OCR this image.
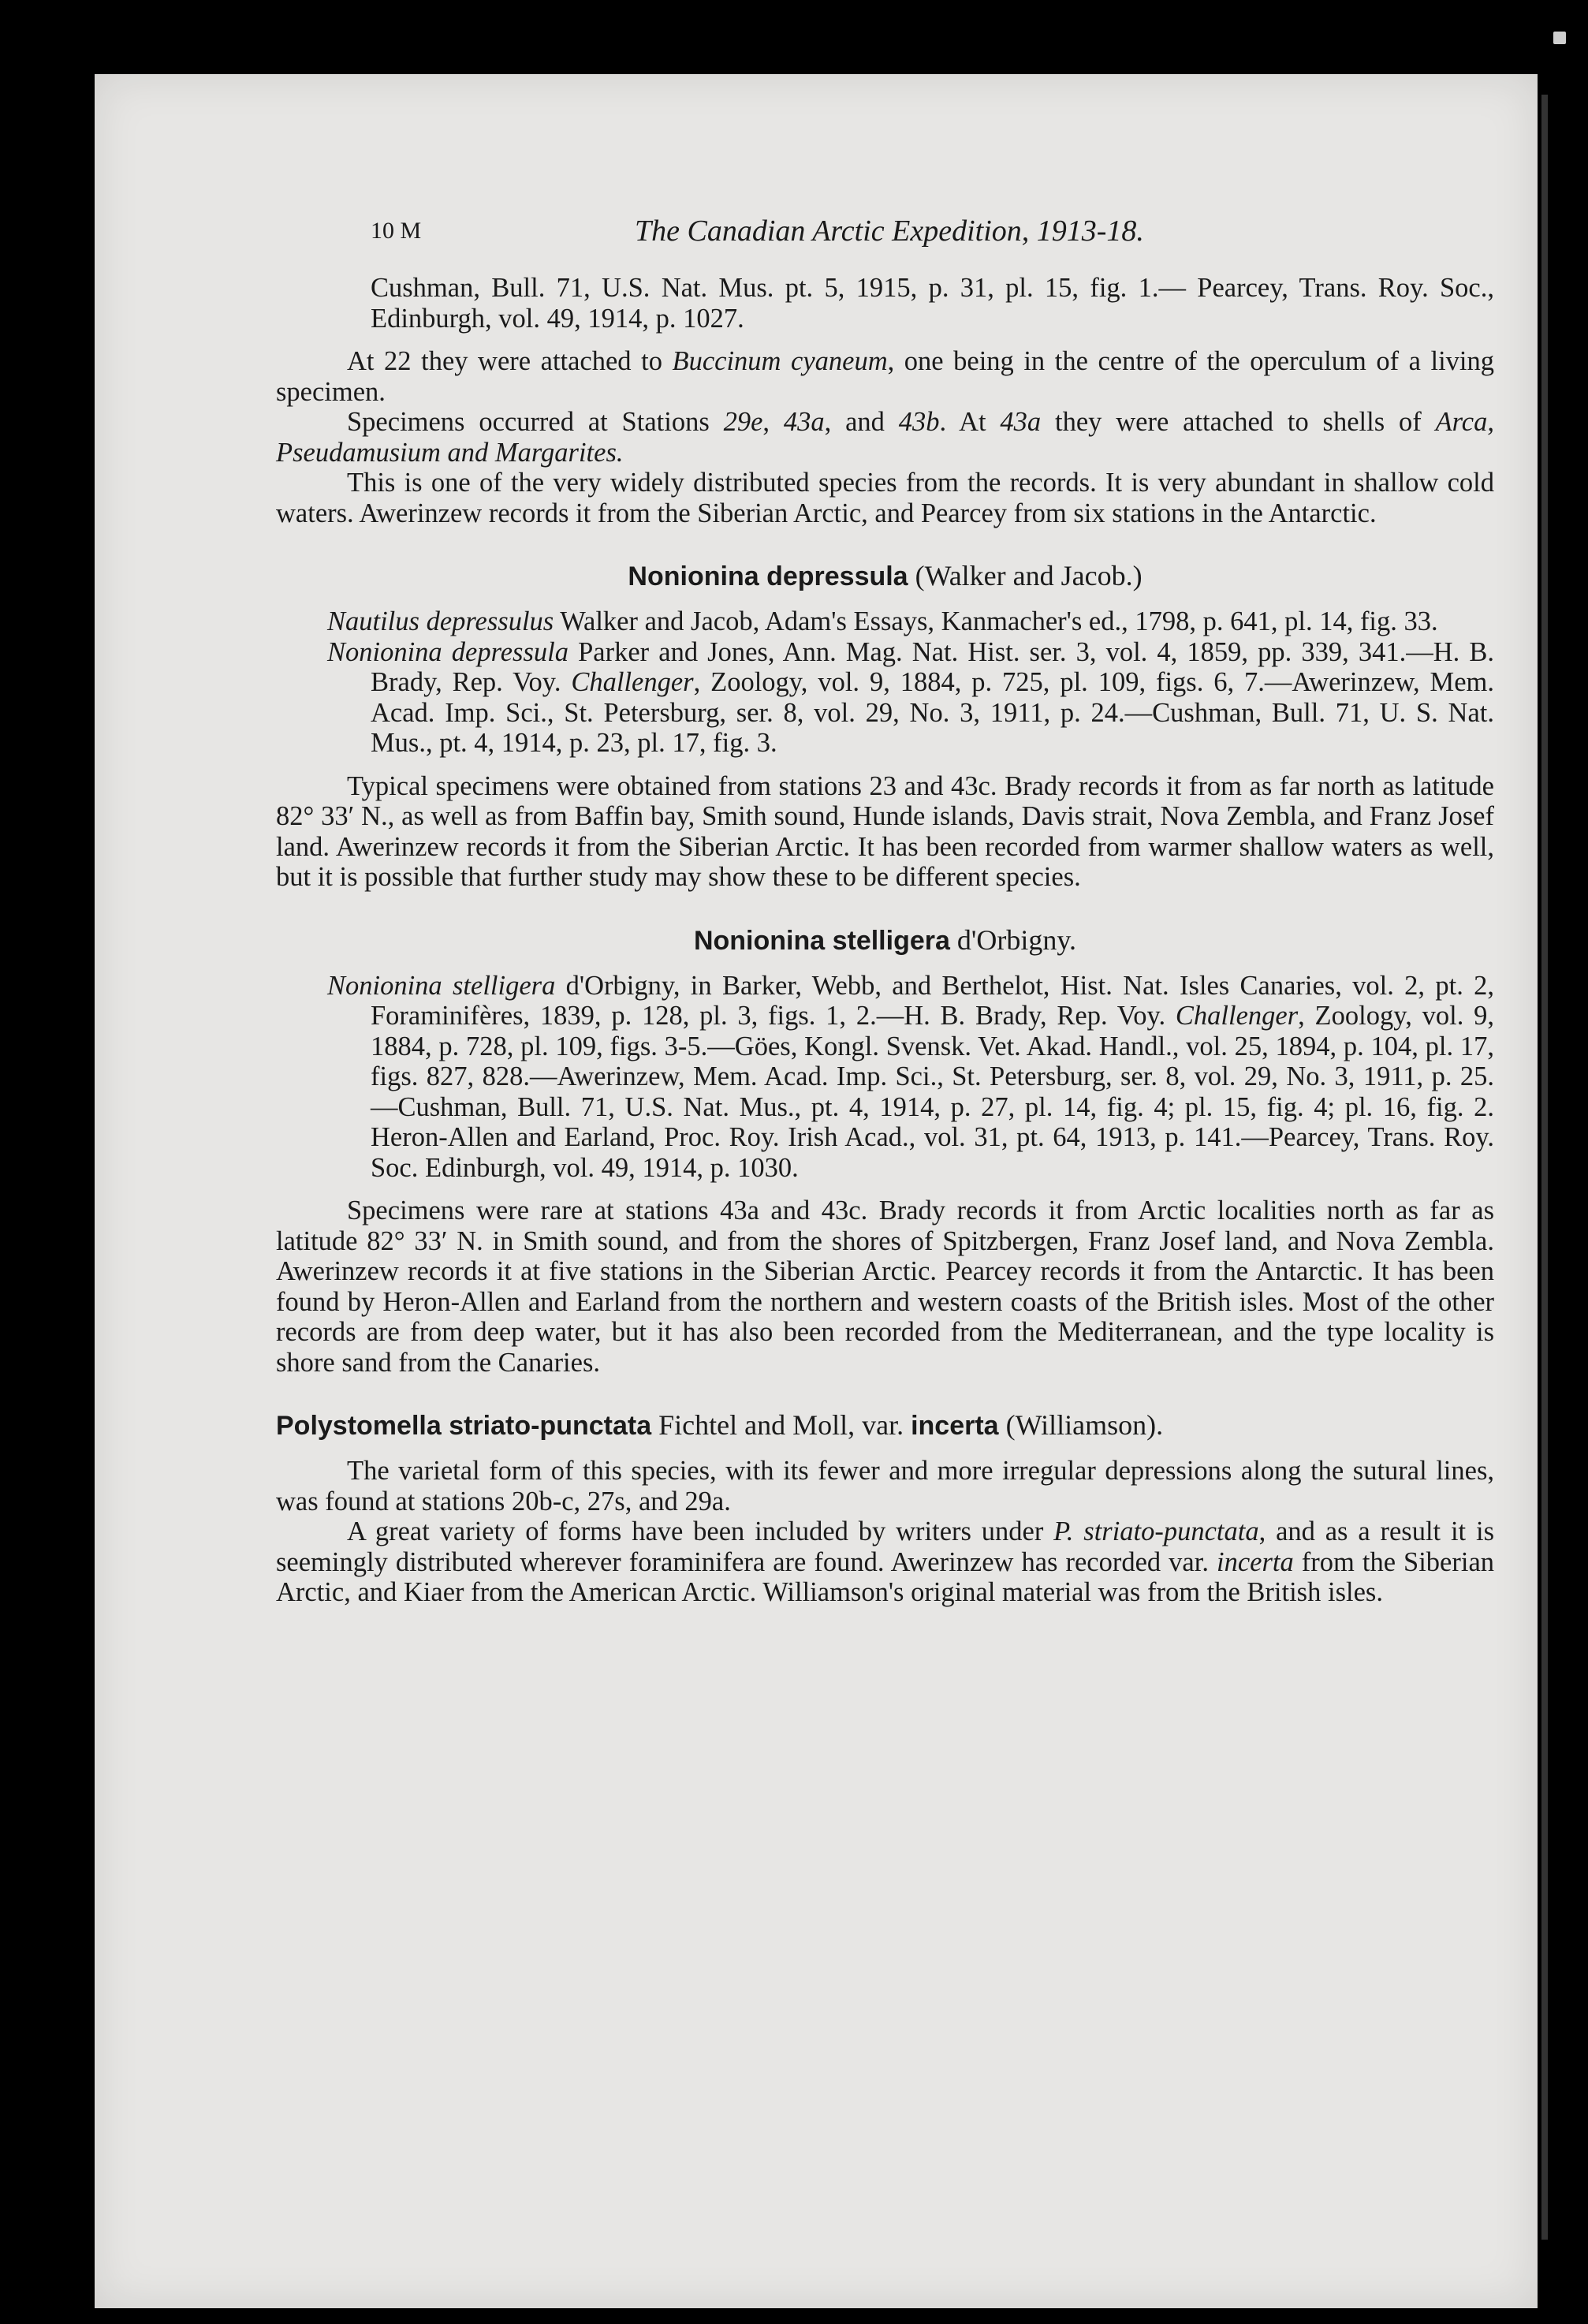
10 M	The Canadian Arctic Expedition, 1913-18.

Cushman, Bull. 71, U.S. Nat. Mus. pt. 5, 1915, p. 31, pl. 15, fig. 1.— Pearcey, Trans. Roy. Soc., Edinburgh, vol. 49, 1914, p. 1027.

At 22 they were attached to Buccinum cyaneum, one being in the centre of the operculum of a living specimen.

Specimens occurred at Stations 29e, 43a, and 43b. At 43a they were attached to shells of Arca, Pseudamusium and Margarites.

This is one of the very widely distributed species from the records. It is very abundant in shallow cold waters. Awerinzew records it from the Siberian Arctic, and Pearcey from six stations in the Antarctic.

Nonionina depressula (Walker and Jacob.)

Nautilus depressulus Walker and Jacob, Adam's Essays, Kanmacher's ed., 1798, p. 641, pl. 14, fig. 33.

Nonionina depressula Parker and Jones, Ann. Mag. Nat. Hist. ser. 3, vol. 4, 1859, pp. 339, 341.—H. B. Brady, Rep. Voy. Challenger, Zoology, vol. 9, 1884, p. 725, pl. 109, figs. 6, 7.—Awerinzew, Mem. Acad. Imp. Sci., St. Petersburg, ser. 8, vol. 29, No. 3, 1911, p. 24.—Cushman, Bull. 71, U. S. Nat. Mus., pt. 4, 1914, p. 23, pl. 17, fig. 3.

Typical specimens were obtained from stations 23 and 43c. Brady records it from as far north as latitude 82° 33′ N., as well as from Baffin bay, Smith sound, Hunde islands, Davis strait, Nova Zembla, and Franz Josef land. Awerinzew records it from the Siberian Arctic. It has been recorded from warmer shallow waters as well, but it is possible that further study may show these to be different species.

Nonionina stelligera d'Orbigny.

Nonionina stelligera d'Orbigny, in Barker, Webb, and Berthelot, Hist. Nat. Isles Canaries, vol. 2, pt. 2, Foraminifères, 1839, p. 128, pl. 3, figs. 1, 2.—H. B. Brady, Rep. Voy. Challenger, Zoology, vol. 9, 1884, p. 728, pl. 109, figs. 3-5.—Göes, Kongl. Svensk. Vet. Akad. Handl., vol. 25, 1894, p. 104, pl. 17, figs. 827, 828.—Awerinzew, Mem. Acad. Imp. Sci., St. Petersburg, ser. 8, vol. 29, No. 3, 1911, p. 25.—Cushman, Bull. 71, U.S. Nat. Mus., pt. 4, 1914, p. 27, pl. 14, fig. 4; pl. 15, fig. 4; pl. 16, fig. 2. Heron-Allen and Earland, Proc. Roy. Irish Acad., vol. 31, pt. 64, 1913, p. 141.—Pearcey, Trans. Roy. Soc. Edinburgh, vol. 49, 1914, p. 1030.

Specimens were rare at stations 43a and 43c. Brady records it from Arctic localities north as far as latitude 82° 33′ N. in Smith sound, and from the shores of Spitzbergen, Franz Josef land, and Nova Zembla. Awerinzew records it at five stations in the Siberian Arctic. Pearcey records it from the Antarctic. It has been found by Heron-Allen and Earland from the northern and western coasts of the British isles. Most of the other records are from deep water, but it has also been recorded from the Mediterranean, and the type locality is shore sand from the Canaries.

Polystomella striato-punctata Fichtel and Moll, var. incerta (Williamson).

The varietal form of this species, with its fewer and more irregular depressions along the sutural lines, was found at stations 20b-c, 27s, and 29a.

A great variety of forms have been included by writers under P. striato-punctata, and as a result it is seemingly distributed wherever foraminifera are found. Awerinzew has recorded var. incerta from the Siberian Arctic, and Kiaer from the American Arctic. Williamson's original material was from the British isles.
